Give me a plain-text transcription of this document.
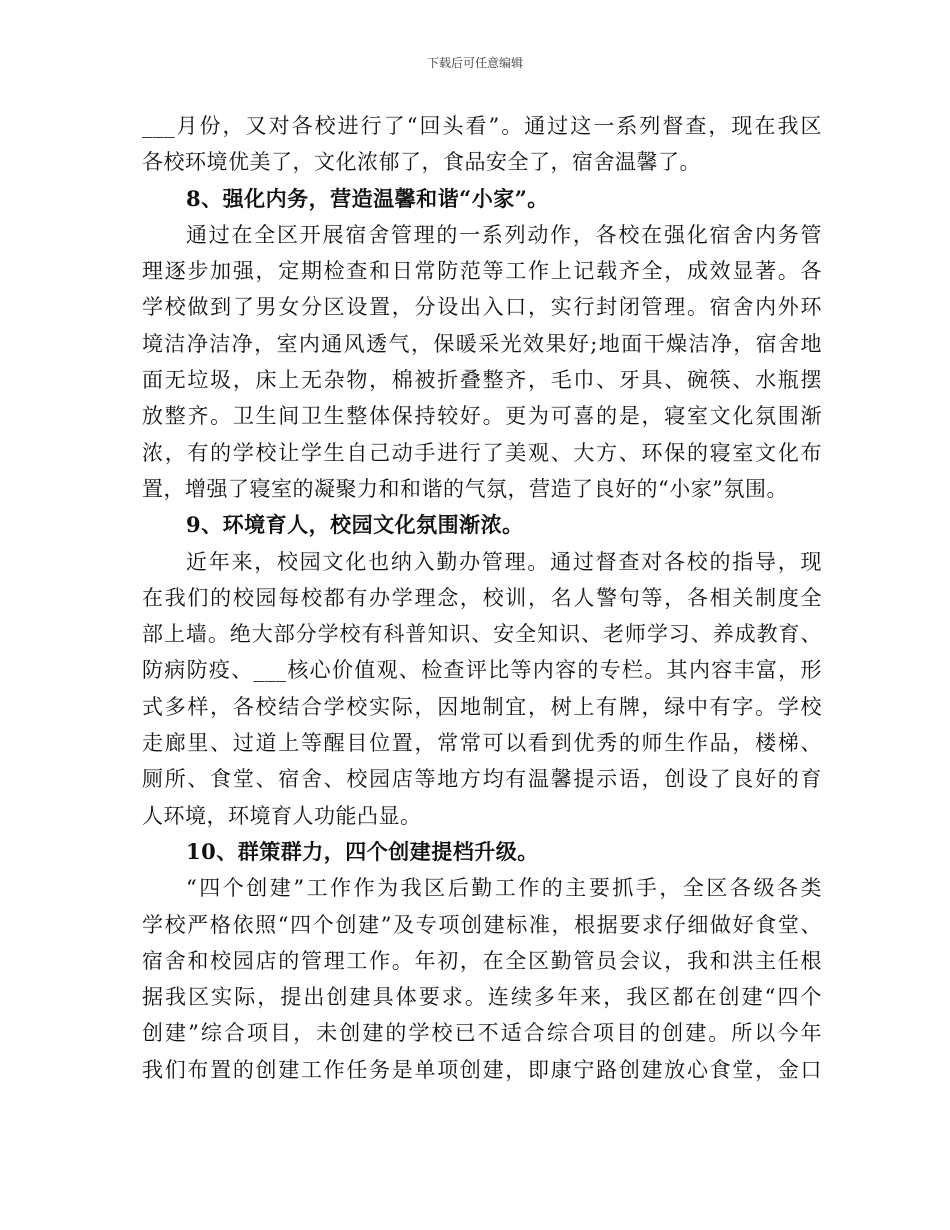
下载后可任意编辑
___月份，又对各校进行了“回头看”。通过这一系列督查，现在我区
各校环境优美了，文化浓郁了，食品安全了，宿舍温馨了。
8、强化内务，营造温馨和谐“小家”。
通过在全区开展宿舍管理的一系列动作，各校在强化宿舍内务管
理逐步加强，定期检查和日常防范等工作上记载齐全，成效显著。各
学校做到了男女分区设置，分设出入口，实行封闭管理。宿舍内外环
境洁净洁净，室内通风透气，保暖采光效果好;地面干燥洁净，宿舍地
面无垃圾，床上无杂物，棉被折叠整齐，毛巾、牙具、碗筷、水瓶摆
放整齐。卫生间卫生整体保持较好。更为可喜的是，寝室文化氛围渐
浓，有的学校让学生自己动手进行了美观、大方、环保的寝室文化布
置，增强了寝室的凝聚力和和谐的气氛，营造了良好的“小家”氛围。
9、环境育人，校园文化氛围渐浓。
近年来，校园文化也纳入勤办管理。通过督查对各校的指导，现
在我们的校园每校都有办学理念，校训，名人警句等，各相关制度全
部上墙。绝大部分学校有科普知识、安全知识、老师学习、养成教育、
防病防疫、___核心价值观、检查评比等内容的专栏。其内容丰富，形
式多样，各校结合学校实际，因地制宜，树上有牌，绿中有字。学校
走廊里、过道上等醒目位置，常常可以看到优秀的师生作品，楼梯、
厕所、食堂、宿舍、校园店等地方均有温馨提示语，创设了良好的育
人环境，环境育人功能凸显。
10、群策群力，四个创建提档升级。
“四个创建”工作作为我区后勤工作的主要抓手，全区各级各类
学校严格依照“四个创建”及专项创建标准，根据要求仔细做好食堂、
宿舍和校园店的管理工作。年初，在全区勤管员会议，我和洪主任根
据我区实际，提出创建具体要求。连续多年来，我区都在创建“四个
创建”综合项目，未创建的学校已不适合综合项目的创建。所以今年
我们布置的创建工作任务是单项创建，即康宁路创建放心食堂，金口
